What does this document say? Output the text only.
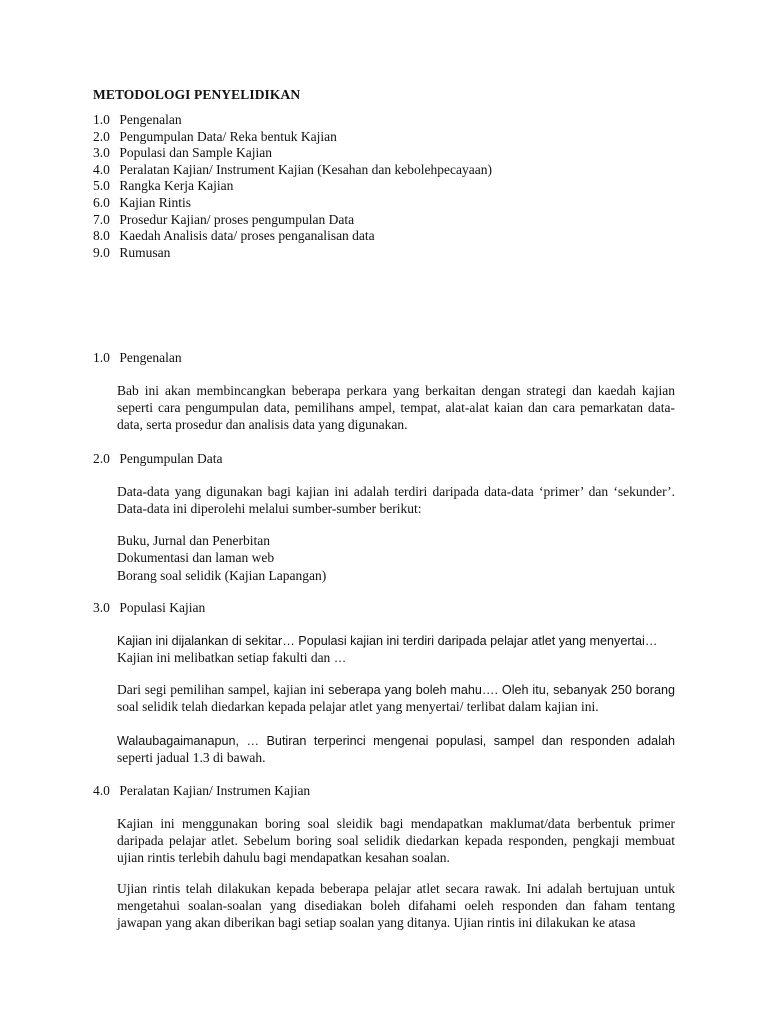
METODOLOGI PENYELIDIKAN
1.0 Pengenalan
2.0 Pengumpulan Data/ Reka bentuk Kajian
3.0 Populasi dan Sample Kajian
4.0 Peralatan Kajian/ Instrument Kajian (Kesahan dan kebolehpecayaan)
5.0 Rangka Kerja Kajian
6.0 Kajian Rintis
7.0 Prosedur Kajian/ proses pengumpulan Data
8.0 Kaedah Analisis data/ proses penganalisan data
9.0 Rumusan
1.0 Pengenalan

Bab ini akan membincangkan beberapa perkara yang berkaitan dengan strategi dan kaedah kajian seperti cara pengumpulan data, pemilihans ampel, tempat, alat-alat kaian dan cara pemarkatan data-data, serta prosedur dan analisis data yang digunakan.

2.0 Pengumpulan Data

Data-data yang digunakan bagi kajian ini adalah terdiri daripada data-data ‘primer’ dan ‘sekunder’. Data-data ini diperolehi melalui sumber-sumber berikut:

Buku, Jurnal dan Penerbitan
Dokumentasi dan laman web
Borang soal selidik (Kajian Lapangan)
3.0 Populasi Kajian
Kajian ini dijalankan di sekitar… Populasi kajian ini terdiri daripada pelajar atlet yang menyertai…
Kajian ini melibatkan setiap fakulti dan …

Dari segi pemilihan sampel, kajian ini seberapa yang boleh mahu…. Oleh itu, sebanyak 250 borang soal selidik telah diedarkan kepada pelajar atlet yang menyertai/ terlibat dalam kajian ini.

Walaubagaimanapun, … Butiran terperinci mengenai populasi, sampel dan responden adalah seperti jadual 1.3 di bawah.

4.0 Peralatan Kajian/ Instrumen Kajian

Kajian ini menggunakan boring soal sleidik bagi mendapatkan maklumat/data berbentuk primer daripada pelajar atlet. Sebelum boring soal selidik diedarkan kepada responden, pengkaji membuat ujian rintis terlebih dahulu bagi mendapatkan kesahan soalan.

Ujian rintis telah dilakukan kepada beberapa pelajar atlet secara rawak. Ini adalah bertujuan untuk mengetahui soalan-soalan yang disediakan boleh difahami oeleh responden dan faham tentang jawapan yang akan diberikan bagi setiap soalan yang ditanya. Ujian rintis ini dilakukan ke atasa
